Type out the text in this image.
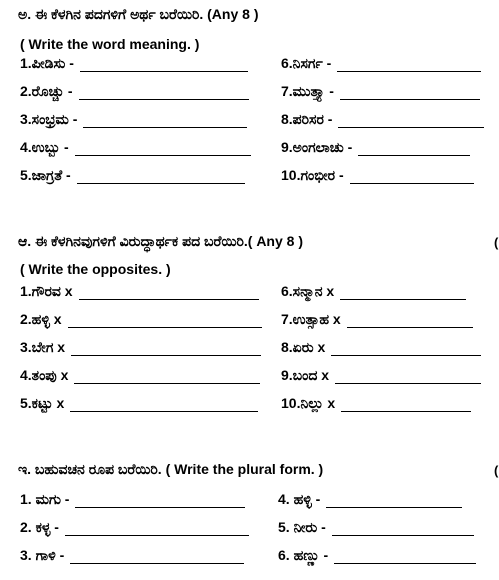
ಅ. ಈ ಕೆಳಗಿನ ಪದಗಳಿಗೆ ಅರ್ಥ ಬರೆಯಿರಿ. (Any 8 )
( Write the word meaning. )
1.ಪೀಡಿಸು -
2.ರೊಚ್ಚು -
3.ಸಂಭ್ರಮ -
4.ಉಬ್ಬು -
5.ಜಾಗ್ರತೆ -
6.ನಿಸರ್ಗ -
7.ಮುತ್ತ್ಯಾ -
8.ಪರಿಸರ -
9.ಅಂಗಲಾಚು -
10.ಗಂಭೀರ -
ಆ. ಈ ಕೆಳಗಿನವುಗಳಿಗೆ ವಿರುದ್ಧಾರ್ಥಕ ಪದ ಬರೆಯಿರಿ.( Any 8 )	(
( Write the opposites. )
1.ಗೌರವ x
2.ಹಳ್ಳಿ x
3.ಬೇಗ x
4.ತಂಪು x
5.ಕಟ್ಟು x
6.ಸನ್ಮಾನ x
7.ಉತ್ಸಾಹ x
8.ಏರು x
9.ಬಂದ x
10.ನಿಲ್ಲು x
ಇ. ಬಹುವಚನ ರೂಪ ಬರೆಯಿರಿ. ( Write the plural form. )	(
1. ಮಗು -
2. ಕಳ್ಳ -
3. ಗಾಳಿ -
4. ಹಳ್ಳಿ -
5. ನೀರು -
6. ಹಣ್ಣು -
